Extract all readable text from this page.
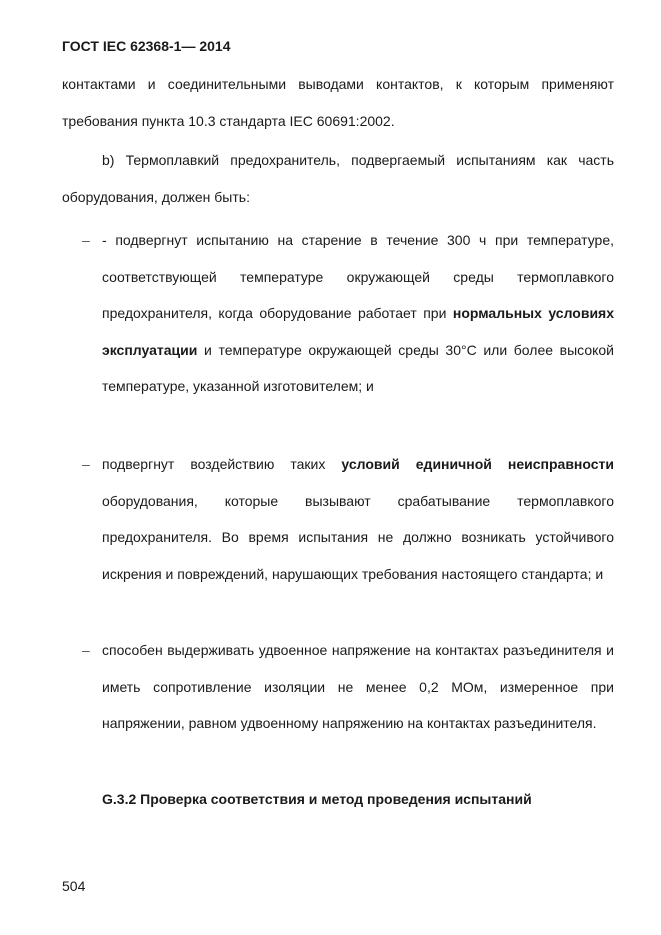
ГОСТ IEC 62368-1— 2014
контактами и соединительными выводами контактов, к которым применяют требования пункта 10.3 стандарта IEC 60691:2002.
b) Термоплавкий предохранитель, подвергаемый испытаниям как часть оборудования, должен быть:
– - подвергнут испытанию на старение в течение 300 ч при температуре, соответствующей температуре окружающей среды термоплавкого предохранителя, когда оборудование работает при нормальных условиях эксплуатации и температуре окружающей среды 30°C или более высокой температуре, указанной изготовителем; и
– подвергнут воздействию таких условий единичной неисправности оборудования, которые вызывают срабатывание термоплавкого предохранителя. Во время испытания не должно возникать устойчивого искрения и повреждений, нарушающих требования настоящего стандарта; и
– способен выдерживать удвоенное напряжение на контактах разъединителя и иметь сопротивление изоляции не менее 0,2 МОм, измеренное при напряжении, равном удвоенному напряжению на контактах разъединителя.
G.3.2 Проверка соответствия и метод проведения испытаний
504
